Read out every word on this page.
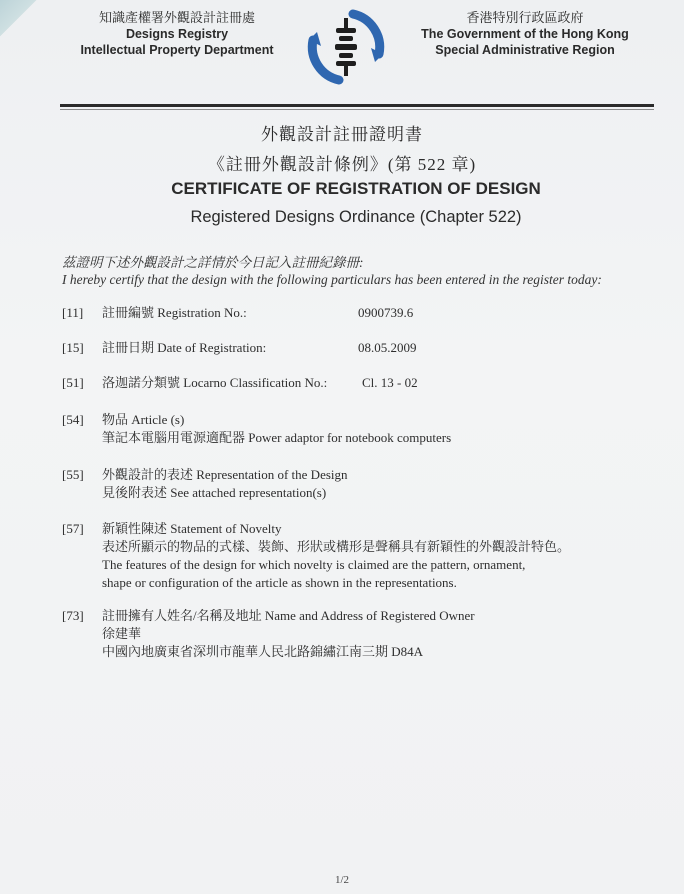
知識產權署外觀設計註冊處
Designs Registry
Intellectual Property Department
香港特別行政區政府
The Government of the Hong Kong
Special Administrative Region
外觀設計註冊證明書
《註冊外觀設計條例》(第 522 章)
CERTIFICATE OF REGISTRATION OF DESIGN
Registered Designs Ordinance (Chapter 522)
茲證明下述外觀設計之詳情於今日記入註冊紀錄冊:
I hereby certify that the design with the following particulars has been entered in the register today:
[11]	註冊編號 Registration No.:	0900739.6
[15]	註冊日期 Date of Registration:	08.05.2009
[51]	洛迦諾分類號 Locarno Classification No.:	Cl. 13 - 02
[54]	物品 Article (s)
筆記本電腦用電源適配器 Power adaptor for notebook computers
[55]	外觀設計的表述 Representation of the Design
見後附表述 See attached representation(s)
[57]	新穎性陳述 Statement of Novelty
表述所顯示的物品的式樣、裝飾、形狀或構形是聲稱具有新穎性的外觀設計特色。
The features of the design for which novelty is claimed are the pattern, ornament,
shape or configuration of the article as shown in the representations.
[73]	註冊擁有人姓名/名稱及地址 Name and Address of Registered Owner
徐建華
中國內地廣東省深圳市龍華人民北路錦繡江南三期 D84A
1/2
